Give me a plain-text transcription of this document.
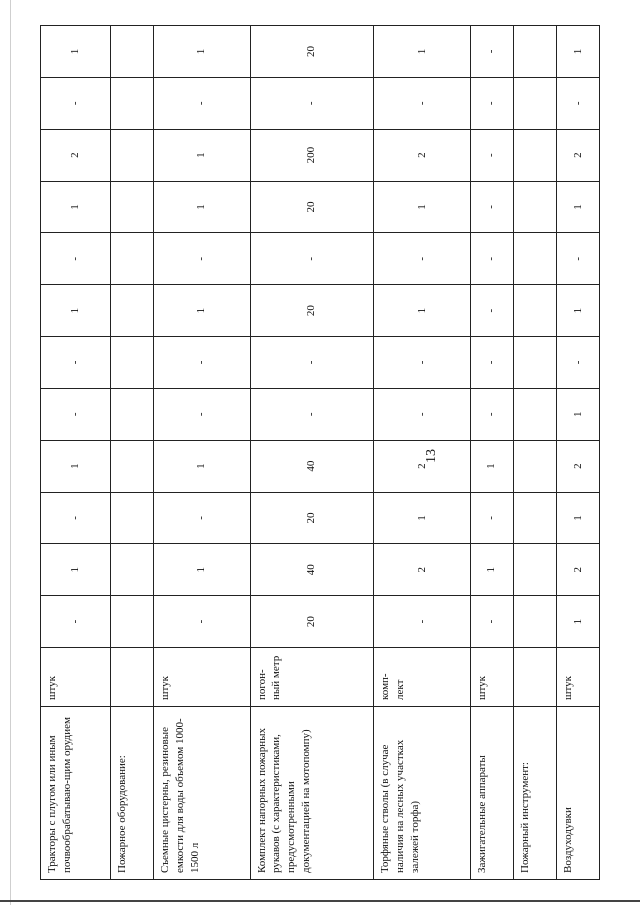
13
Тракторы с плугом или иным почвообрабатываю-щим орудием	штук	-	1	-	1	-	-	1	-	1	2	-	1
Пожарное оборудование:													
Съемные цистерны, резиновые емкости для воды объемом 1000-1500 л	штук	-	1	-	1	-	-	1	-	1	1	-	1
Комплект напорных пожарных рукавов (с характеристиками, предусмотренными документацией на мотопомпу)	погон-ный метр	20	40	20	40	-	-	20	-	20	200	-	20
Торфяные стволы (в случае наличия на лесных участках залежей торфа)	комп-лект	-	2	1	2	-	-	1	-	1	2	-	1
Зажигательные аппараты	штук	-	1	-	1	-	-	-	-	-	-	-	-
Пожарный инструмент:													
Воздуходувки	штук	1	2	1	2	1	-	1	-	1	2	-	1
